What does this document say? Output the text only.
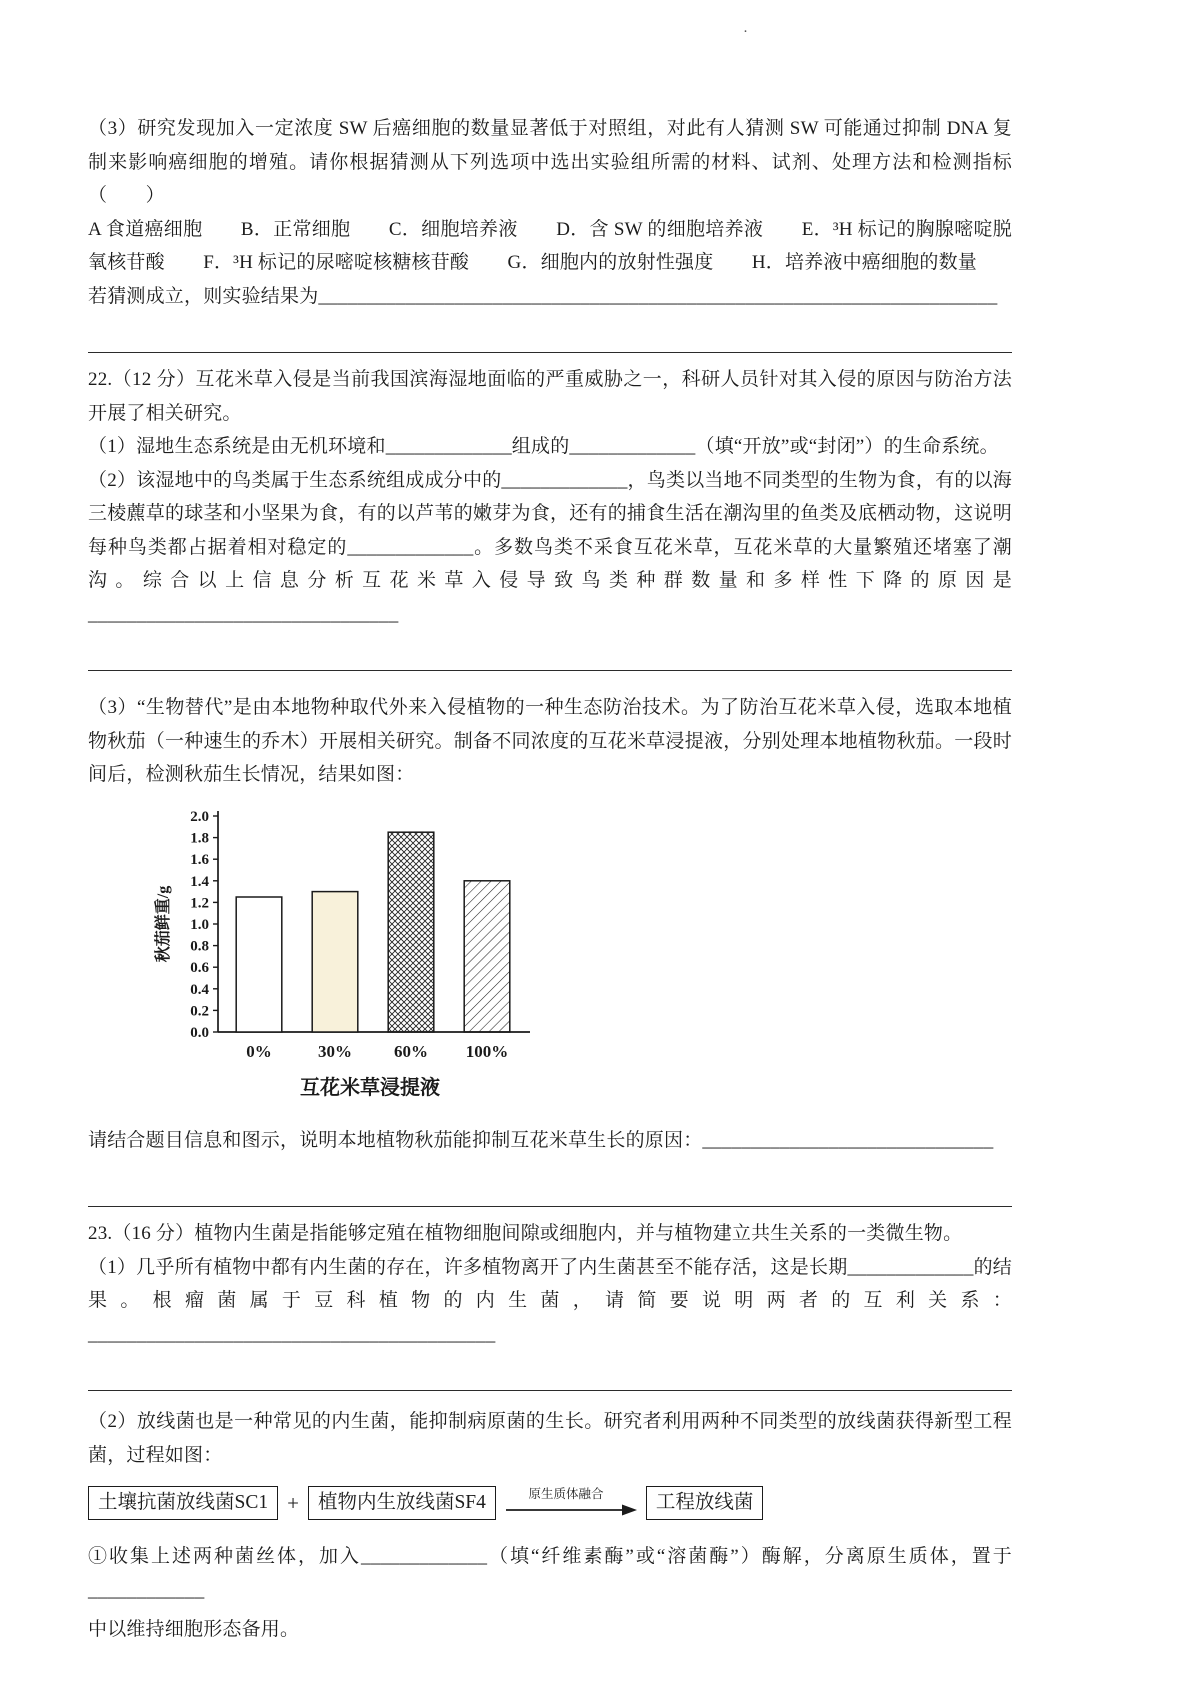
（3）研究发现加入一定浓度 SW 后癌细胞的数量显著低于对照组，对此有人猜测 SW 可能通过抑制 DNA 复制来影响癌细胞的增殖。请你根据猜测从下列选项中选出实验组所需的材料、试剂、处理方法和检测指标（　　）

A 食道癌细胞　　B．正常细胞　　C．细胞培养液　　D．含 SW 的细胞培养液　　E．³H 标记的胸腺嘧啶脱氧核苷酸　　F．³H 标记的尿嘧啶核糖核苷酸　　G．细胞内的放射性强度　　H．培养液中癌细胞的数量

若猜测成立，则实验结果为______________________________________________________________________

22.（12 分）互花米草入侵是当前我国滨海湿地面临的严重威胁之一，科研人员针对其入侵的原因与防治方法开展了相关研究。

（1）湿地生态系统是由无机环境和_____________组成的_____________（填“开放”或“封闭”）的生命系统。

（2）该湿地中的鸟类属于生态系统组成成分中的_____________，鸟类以当地不同类型的生物为食，有的以海三棱藨草的球茎和小坚果为食，有的以芦苇的嫩芽为食，还有的捕食生活在潮沟里的鱼类及底栖动物，这说明每种鸟类都占据着相对稳定的_____________。多数鸟类不采食互花米草，互花米草的大量繁殖还堵塞了潮沟。综合以上信息分析互花米草入侵导致鸟类种群数量和多样性下降的原因是________________________________

（3）“生物替代”是由本地物种取代外来入侵植物的一种生态防治技术。为了防治互花米草入侵，选取本地植物秋茄（一种速生的乔木）开展相关研究。制备不同浓度的互花米草浸提液，分别处理本地植物秋茄。一段时间后，检测秋茄生长情况，结果如图：

0.0
0.2
0.4
0.6
0.8
1.0
1.2
1.4
1.6
1.8
2.0
0%	30% 60% 100%
秋茄鲜重/g
互花米草浸提液

请结合题目信息和图示，说明本地植物秋茄能抑制互花米草生长的原因：______________________________

23.（16 分）植物内生菌是指能够定殖在植物细胞间隙或细胞内，并与植物建立共生关系的一类微生物。

（1）几乎所有植物中都有内生菌的存在，许多植物离开了内生菌甚至不能存活，这是长期_____________的结果。根瘤菌属于豆科植物的内生菌，请简要说明两者的互利关系：__________________________________________

（2）放线菌也是一种常见的内生菌，能抑制病原菌的生长。研究者利用两种不同类型的放线菌获得新型工程菌，过程如图：

土壤抗菌放线菌SC1 + 植物内生放线菌SF4	原生质体融合	工程放线菌

①收集上述两种菌丝体，加入_____________（填“纤维素酶”或“溶菌酶”）酶解，分离原生质体，置于____________

中以维持细胞形态备用。

·
